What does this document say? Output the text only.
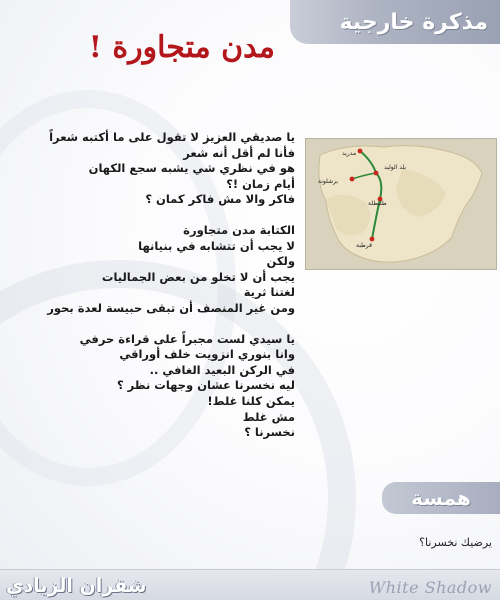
مذكرة خارجية
مدن متجاورة !
مدريد
برشلونة
بلد الوليد
طليطلة
قرطبة
يا صديقي العزيز لا تقول على ما أكتبه شعراً
فأنا لم أقل أنه شعر
هو في نظري شي يشبه سجع الكهان
أيام زمان !؟
فاكر والا مش فاكر كمان ؟
الكتابة مدن متجاورة
لا يجب أن تتشابه في بنيانها
ولكن
يجب أن لا تخلو من بعض الجماليات
لغتنا ثرية
ومن غير المنصف أن تبقى حبيسة لعدة بحور
يا سيدي لست مجبراً على قراءة حرفي
وانا بنوري انزويت خلف أوراقي
في الركن البعيد الغافي ..
ليه نخسرنا عشان وجهات نظر ؟
يمكن كلنا غلط!
مش غلط
نخسرنا ؟
همسة
يرضيك نخسرنا؟
شقران الزيادي	White Shadow
